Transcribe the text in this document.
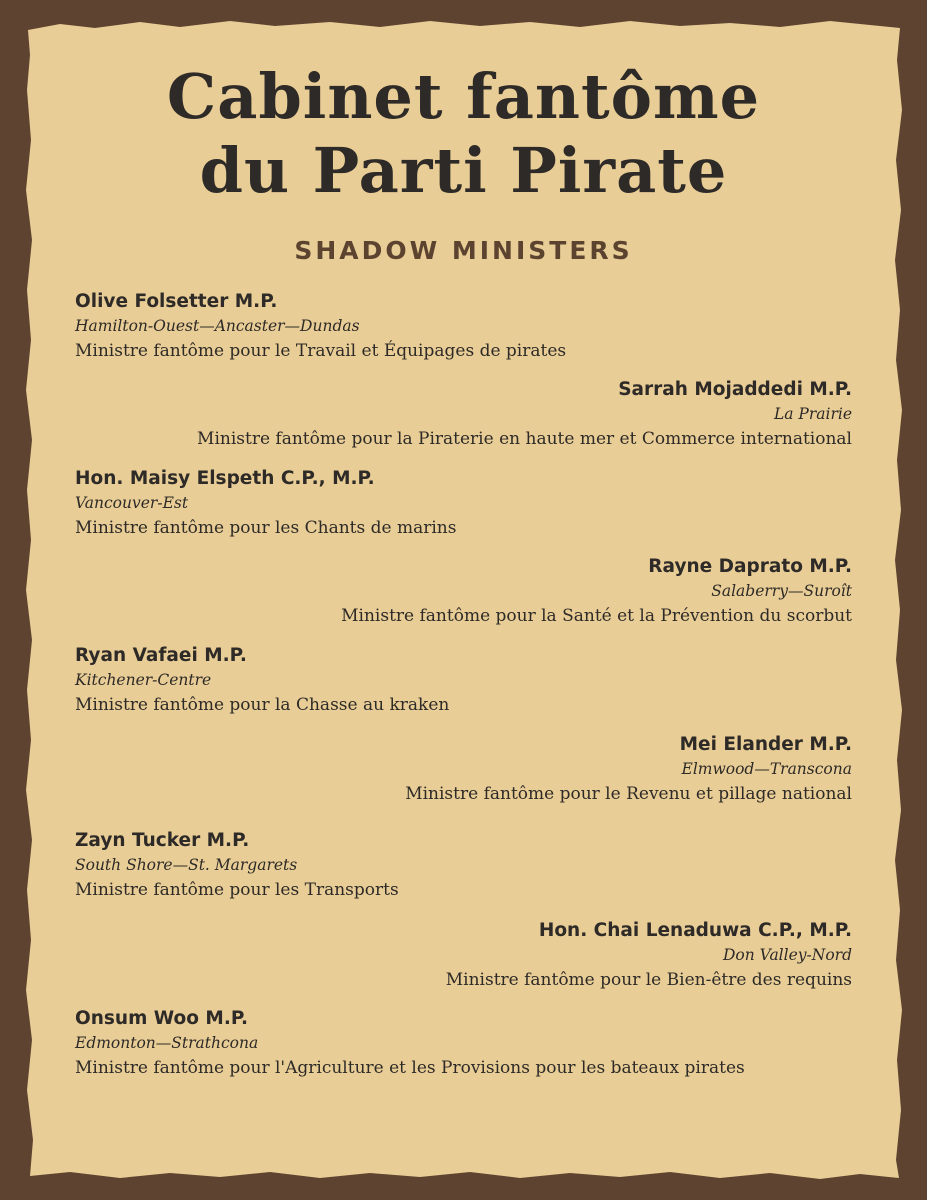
Cabinet fantôme
du Parti Pirate
SHADOW MINISTERS
Olive Folsetter M.P.
Hamilton-Ouest—Ancaster—Dundas
Ministre fantôme pour le Travail et Équipages de pirates
Sarrah Mojaddedi M.P.
La Prairie
Ministre fantôme pour la Piraterie en haute mer et Commerce international
Hon. Maisy Elspeth C.P., M.P.
Vancouver-Est
Ministre fantôme pour les Chants de marins
Rayne Daprato M.P.
Salaberry—Suroît
Ministre fantôme pour la Santé et la Prévention du scorbut
Ryan Vafaei M.P.
Kitchener-Centre
Ministre fantôme pour la Chasse au kraken
Mei Elander M.P.
Elmwood—Transcona
Ministre fantôme pour le Revenu et pillage national
Zayn Tucker M.P.
South Shore—St. Margarets
Ministre fantôme pour les Transports
Hon. Chai Lenaduwa C.P., M.P.
Don Valley-Nord
Ministre fantôme pour le Bien-être des requins
Onsum Woo M.P.
Edmonton—Strathcona
Ministre fantôme pour l'Agriculture et les Provisions pour les bateaux pirates
